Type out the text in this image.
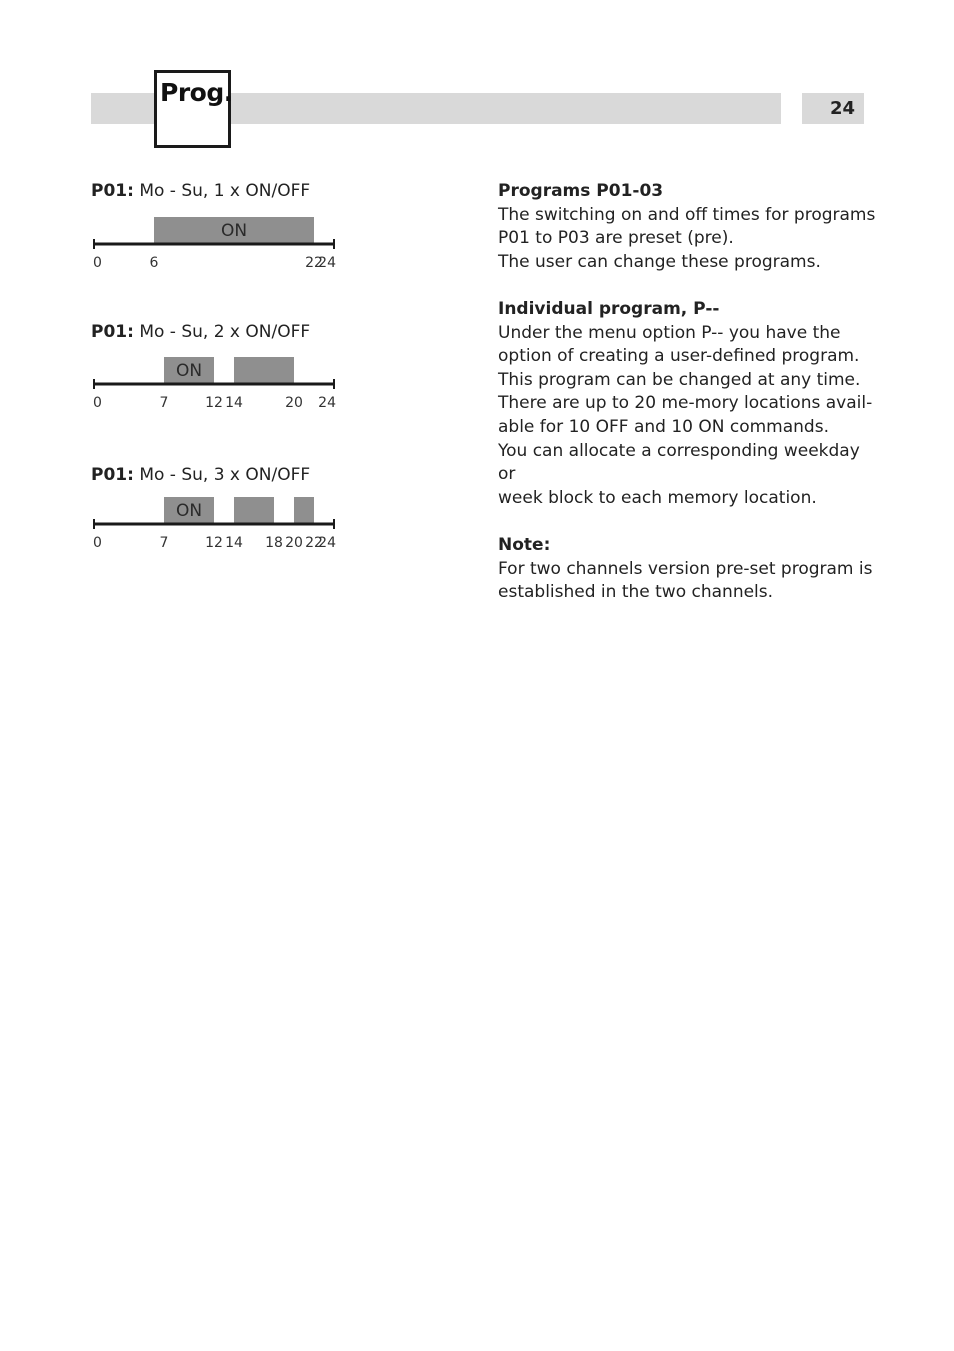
24
Prog.
P01: Mo - Su, 1 x ON/OFF
ON
0	6	22
24
P01: Mo - Su, 2 x ON/OFF
ON
0	7	12 14	20 24
P01: Mo - Su, 3 x ON/OFF
ON
0	7	12 14 18 20 22
24

Programs P01-03

The switching on and off times for programs

P01 to P03 are preset (pre).

The user can change these programs.

Individual program, P--

Under the menu option P-- you have the

option of creating a user-defined program.

This program can be changed at any time.

There are up to 20 me-mory locations avail-

able for 10 OFF and 10 ON commands.

You can allocate a corresponding weekday or

week block to each memory location.

Note:

For two channels version pre-set program is

established in the two channels.
